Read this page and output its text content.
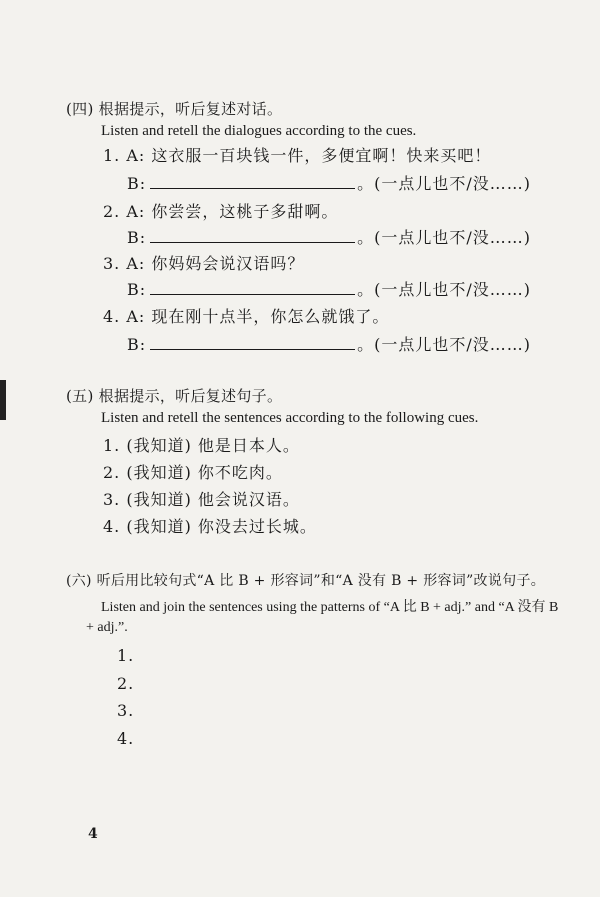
(四) 根据提示，听后复述对话。
Listen and retell the dialogues according to the cues.
1. A: 这衣服一百块钱一件，多便宜啊！快来买吧！
B:	。(一点儿也不/没……)
2. A: 你尝尝，这桃子多甜啊。
B:	。(一点儿也不/没……)
3. A: 你妈妈会说汉语吗？
B:	。(一点儿也不/没……)
4. A: 现在刚十点半，你怎么就饿了。
B:	。(一点儿也不/没……)
(五) 根据提示，听后复述句子。
Listen and retell the sentences according to the following cues.
1. (我知道) 他是日本人。
2. (我知道) 你不吃肉。
3. (我知道) 他会说汉语。
4. (我知道) 你没去过长城。
(六) 听后用比较句式“A 比 B + 形容词”和“A 没有 B + 形容词”改说句子。
Listen and join the sentences using the patterns of “A 比 B + adj.” and “A 没有 B
+ adj.”.
1.
2.
3.
4.
4
